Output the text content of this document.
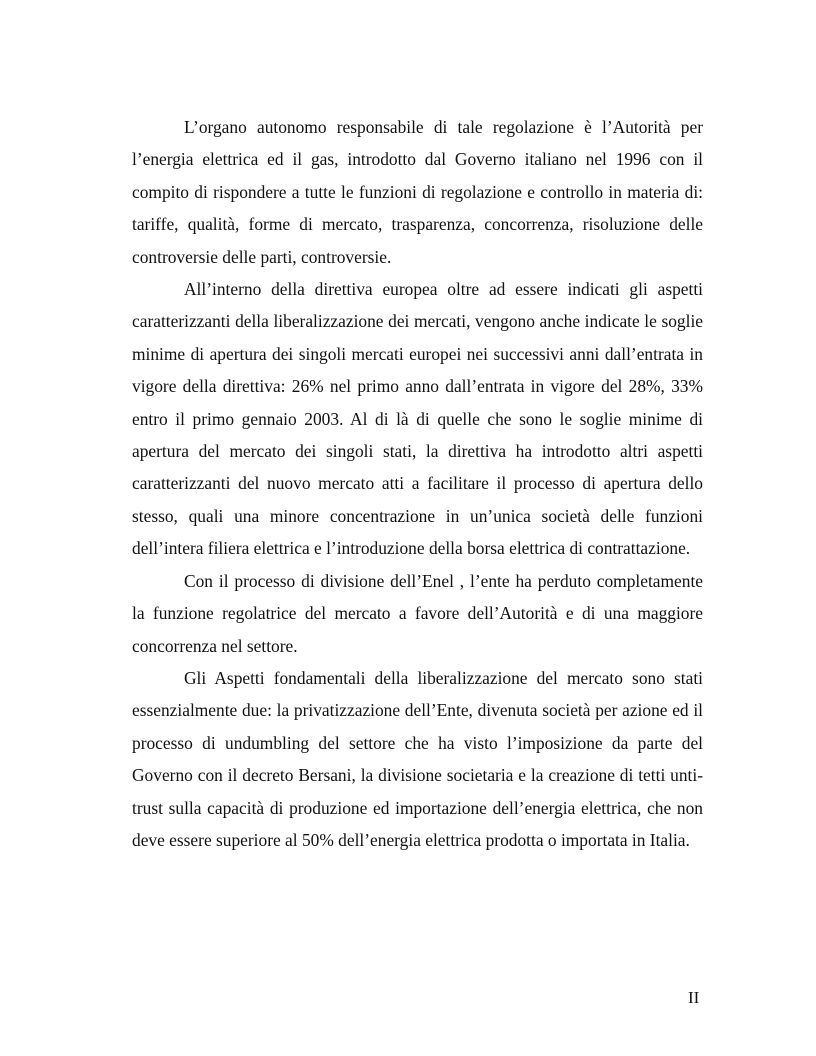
L’organo autonomo responsabile di tale regolazione è l’Autorità per l’energia elettrica ed il gas, introdotto dal Governo italiano nel 1996 con il compito di rispondere a tutte le funzioni di regolazione e controllo in materia di: tariffe, qualità, forme di mercato, trasparenza, concorrenza, risoluzione delle controversie delle parti, controversie.

All’interno della direttiva europea oltre ad essere indicati gli aspetti caratterizzanti della liberalizzazione dei mercati, vengono anche indicate le soglie minime di apertura dei singoli mercati europei nei successivi anni dall’entrata in vigore della direttiva: 26% nel primo anno dall’entrata in vigore del 28%, 33% entro il primo gennaio 2003. Al di là di quelle che sono le soglie minime di apertura del mercato dei singoli stati, la direttiva ha introdotto altri aspetti caratterizzanti del nuovo mercato atti a facilitare il processo di apertura dello stesso, quali una minore concentrazione in un’unica società delle funzioni dell’intera filiera elettrica e l’introduzione della borsa elettrica di contrattazione.

Con il processo di divisione dell’Enel , l’ente ha perduto completamente la funzione regolatrice del mercato a favore dell’Autorità e di una maggiore concorrenza nel settore.

Gli Aspetti fondamentali della liberalizzazione del mercato sono stati essenzialmente due: la privatizzazione dell’Ente, divenuta società per azione ed il processo di undumbling del settore che ha visto l’imposizione da parte del Governo con il decreto Bersani, la divisione societaria e la creazione di tetti unti-trust sulla capacità di produzione ed importazione dell’energia elettrica, che non deve essere superiore al 50% dell’energia elettrica prodotta o importata in Italia.

II
